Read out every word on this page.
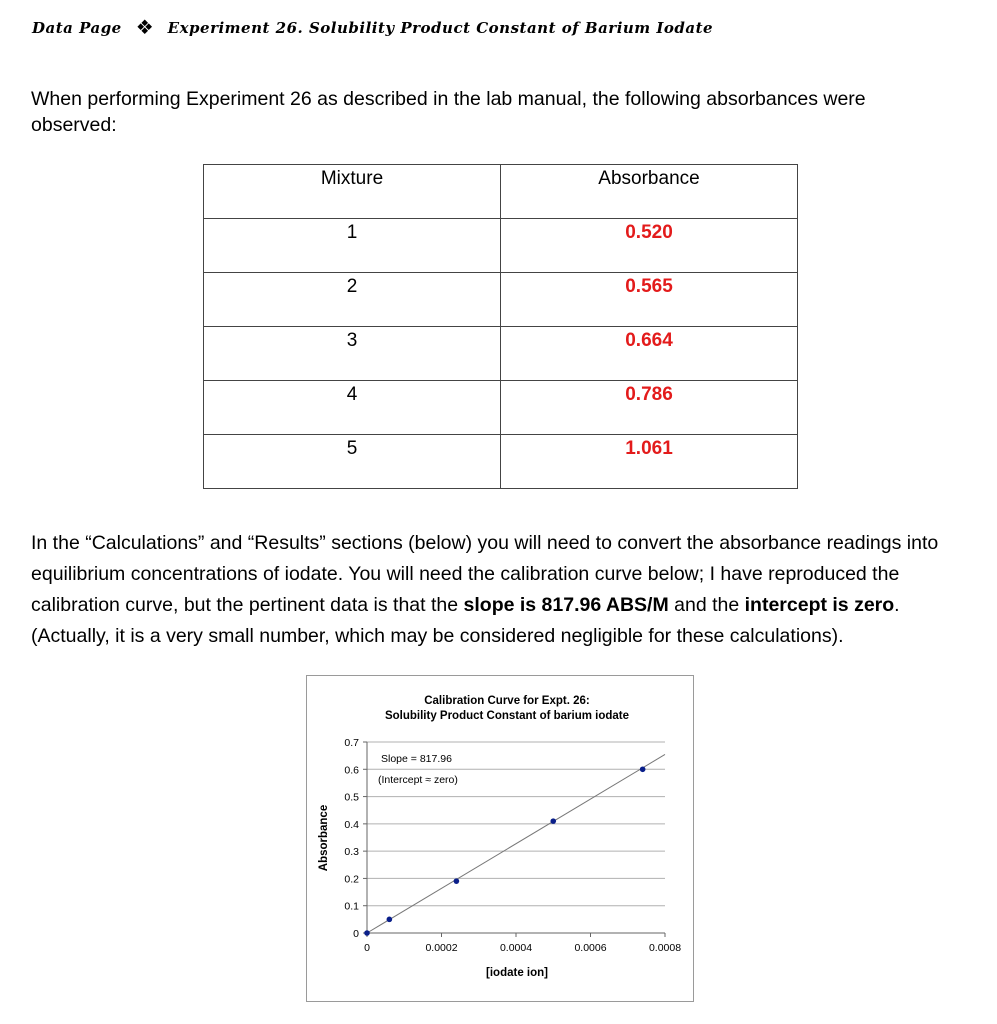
Data Page ❖ Experiment 26. Solubility Product Constant of Barium Iodate
When performing Experiment 26 as described in the lab manual, the following absorbances were observed:
Mixture	Absorbance
1	0.520
2	0.565
3	0.664
4	0.786
5	1.061
In the “Calculations” and “Results” sections (below) you will need to convert the absorbance readings into equilibrium concentrations of iodate. You will need the calibration curve below; I have reproduced the calibration curve, but the pertinent data is that the slope is 817.96 ABS/M and the intercept is zero. (Actually, it is a very small number, which may be considered negligible for these calculations).
Calibration Curve for Expt. 26:
Solubility Product Constant of barium iodate
Absorbance
[iodate ion]
Slope = 817.96
(Intercept ≈ zero)
0
0.1
0.2
0.3
0.4
0.5
0.6
0.7
0	0.0002	0.0004	0.0006	0.0008
